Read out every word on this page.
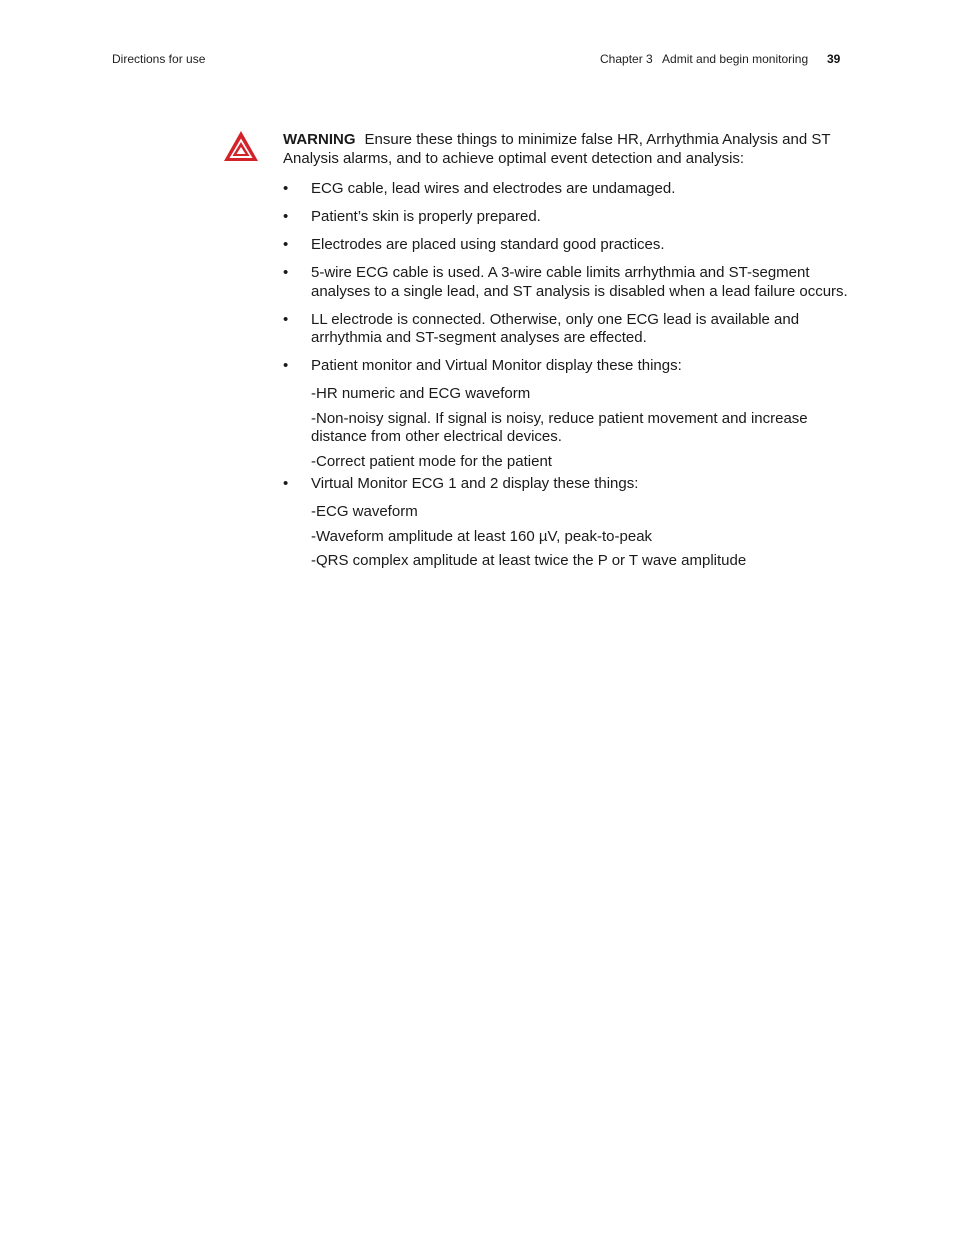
Directions for use	Chapter 3   Admit and begin monitoring 39

WARNING Ensure these things to minimize false HR, Arrhythmia Analysis and ST Analysis alarms, and to achieve optimal event detection and analysis:

• ECG cable, lead wires and electrodes are undamaged.
• Patient’s skin is properly prepared.
• Electrodes are placed using standard good practices.
• 5-wire ECG cable is used. A 3-wire cable limits arrhythmia and ST-segment analyses to a single lead, and ST analysis is disabled when a lead failure occurs.
• LL electrode is connected. Otherwise, only one ECG lead is available and arrhythmia and ST-segment analyses are effected.
• Patient monitor and Virtual Monitor display these things:
-HR numeric and ECG waveform
-Non-noisy signal. If signal is noisy, reduce patient movement and increase distance from other electrical devices.
-Correct patient mode for the patient
• Virtual Monitor ECG 1 and 2 display these things:
-ECG waveform
-Waveform amplitude at least 160 µV, peak-to-peak
-QRS complex amplitude at least twice the P or T wave amplitude
